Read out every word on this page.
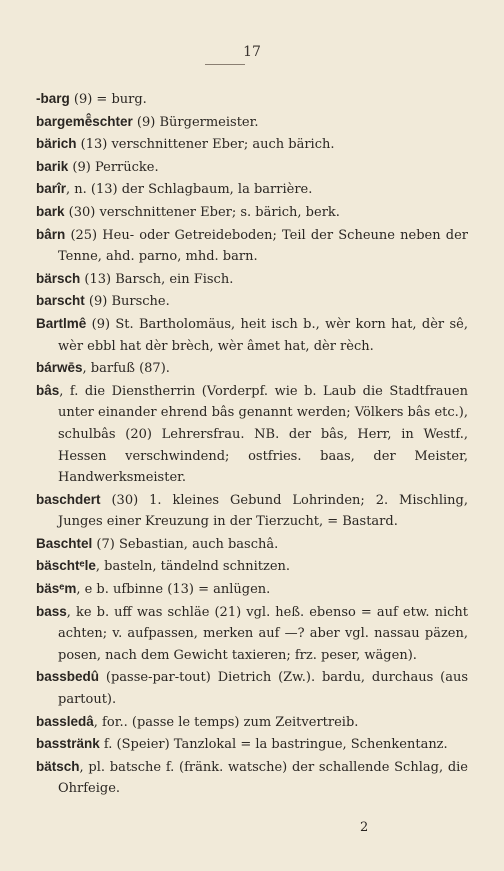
17
-barg (9) = burg.
bargemē̂schter (9) Bürgermeister.
bärich (13) verschnittener Eber; auch bärich.
barik (9) Perrücke.
barîr, n. (13) der Schlagbaum, la barrière.
bark (30) verschnittener Eber; s. bärich, berk.
bârn (25) Heu- oder Getreideboden; Teil der Scheune neben der Tenne, ahd. parno, mhd. barn.
bärsch (13) Barsch, ein Fisch.
barscht (9) Bursche.
Bartlmê (9) St. Bartholomäus, heit isch b., wèr korn hat, dèr sê, wèr ebbl hat dèr brèch, wèr âmet hat, dèr rèch.
bárwēs, barfuß (87).
bâs, f. die Dienstherrin (Vorderpf. wie b. Laub die Stadtfrauen unter einander ehrend bâs genannt werden; Völkers bâs etc.), schulbâs (20) Lehrersfrau. NB. der bâs, Herr, in Westf., Hessen verschwindend; ostfries. baas, der Meister, Handwerksmeister.
baschdert (30) 1. kleines Gebund Lohrinden; 2. Mischling, Junges einer Kreuzung in der Tierzucht, = Bastard.
Baschtel (7) Sebastian, auch baschâ.
bäschtᵉle, basteln, tändelnd schnitzen.
bäsᵉm, e b. ufbinne (13) = anlügen.
bass, ke b. uff was schläe (21) vgl. heß. ebenso = auf etw. nicht achten; v. aufpassen, merken auf —? aber vgl. nassau päzen, posen, nach dem Gewicht taxieren; frz. peser, wägen).
bassbedû (passe-par-tout) Dietrich (Zw.). bardu, durchaus (aus partout).
bassledâ, for.. (passe le temps) zum Zeitvertreib.
basstränk f. (Speier) Tanzlokal = la bastringue, Schenkentanz.
bätsch, pl. batsche f. (fränk. watsche) der schallende Schlag, die Ohrfeige.
2
